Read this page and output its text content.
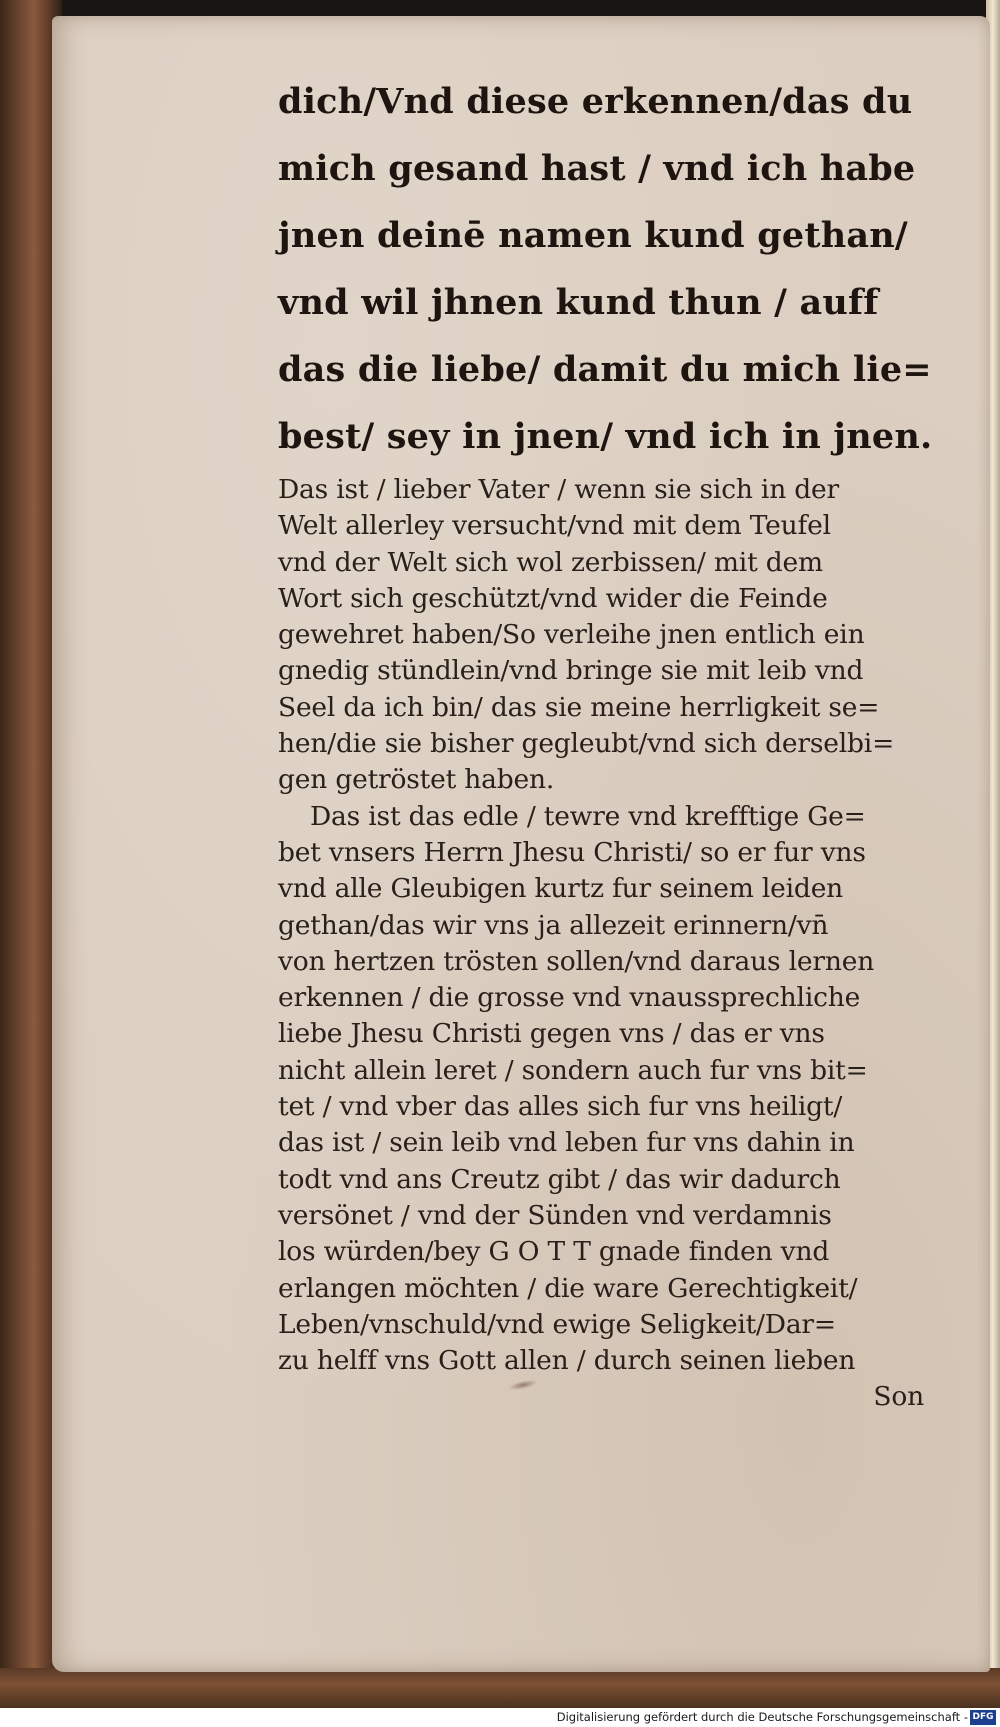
dich/Vnd diese erkennen/das du
mich gesand hast / vnd ich habe
jnen deinē namen kund gethan/
vnd wil jhnen kund thun / auff
das die liebe/ damit du mich lie=
best/ sey in jnen/ vnd ich in jnen.
Das ist / lieber Vater / wenn sie sich in der
Welt allerley versucht/vnd mit dem Teufel
vnd der Welt sich wol zerbissen/ mit dem
Wort sich geschützt/vnd wider die Feinde
gewehret haben/So verleihe jnen entlich ein
gnedig stündlein/vnd bringe sie mit leib vnd
Seel da ich bin/ das sie meine herrligkeit se=
hen/die sie bisher gegleubt/vnd sich derselbi=
gen getröstet haben.
Das ist das edle / tewre vnd krefftige Ge=
bet vnsers Herrn Jhesu Christi/ so er fur vns
vnd alle Gleubigen kurtz fur seinem leiden
gethan/das wir vns ja allezeit erinnern/vn̄
von hertzen trösten sollen/vnd daraus lernen
erkennen / die grosse vnd vnaussprechliche
liebe Jhesu Christi gegen vns / das er vns
nicht allein leret / sondern auch fur vns bit=
tet / vnd vber das alles sich fur vns heiligt/
das ist / sein leib vnd leben fur vns dahin in
todt vnd ans Creutz gibt / das wir dadurch
versönet / vnd der Sünden vnd verdamnis
los würden/bey G O T T gnade finden vnd
erlangen möchten / die ware Gerechtigkeit/
Leben/vnschuld/vnd ewige Seligkeit/Dar=
zu helff vns Gott allen / durch seinen lieben
Son
Digitalisierung gefördert durch die Deutsche Forschungsgemeinschaft - DFG
